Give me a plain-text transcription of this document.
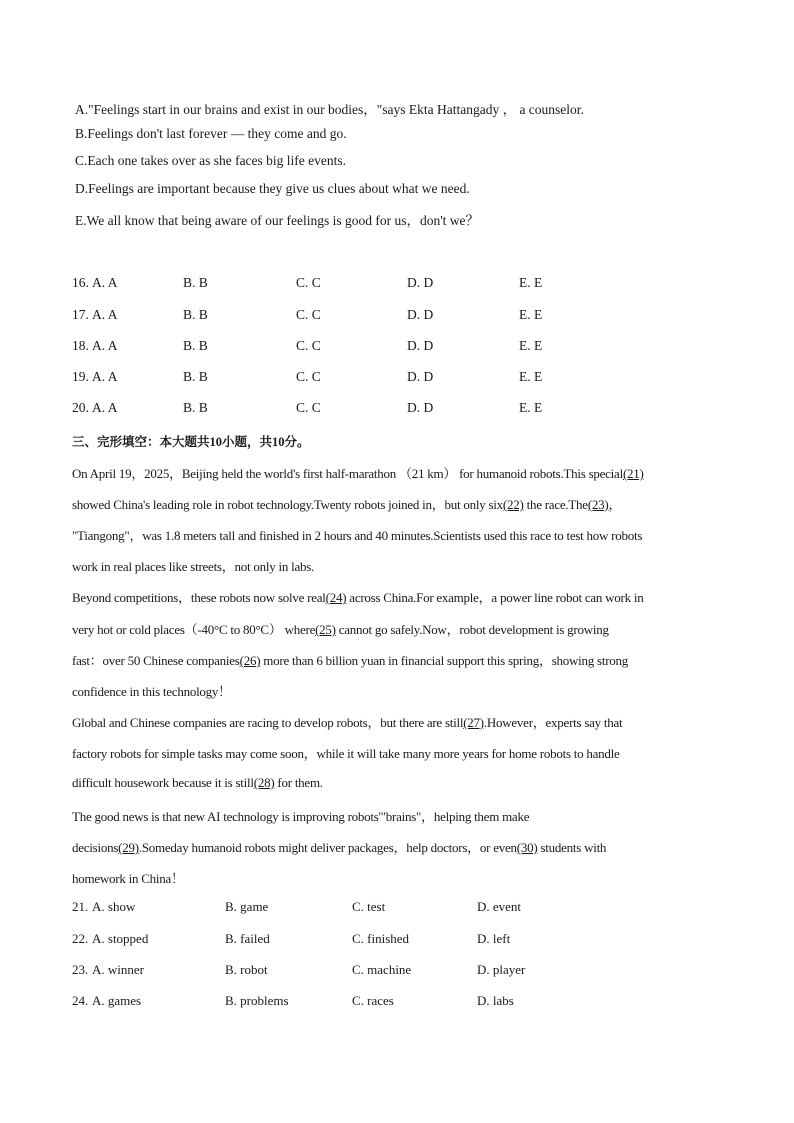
A."Feelings start in our brains and exist in our bodies，"says Ekta Hattangady ， a counselor.
B.Feelings don't last forever — they come and go.
C.Each one takes over as she faces big life events.
D.Feelings are important because they give us clues about what we need.
E.We all know that being aware of our feelings is good for us，don't we？
16. A. A	B. B	C. C	D. D	E. E
17. A. A	B. B	C. C	D. D	E. E
18. A. A	B. B	C. C	D. D	E. E
19. A. A	B. B	C. C	D. D	E. E
20. A. A	B. B	C. C	D. D	E. E
三、完形填空：本大题共10小题，共10分。
On April 19，2025，Beijing held the world's first half-marathon （21 km） for humanoid robots.This special(21)
showed China's leading role in robot technology.Twenty robots joined in，but only six(22) the race.The(23)，
"Tiangong"，was 1.8 meters tall and finished in 2 hours and 40 minutes.Scientists used this race to test how robots
work in real places like streets，not only in labs.
Beyond competitions，these robots now solve real(24) across China.For example，a power line robot can work in
very hot or cold places（-40°C to 80°C） where(25) cannot go safely.Now，robot development is growing
fast：over 50 Chinese companies(26) more than 6 billion yuan in financial support this spring，showing strong
confidence in this technology！
Global and Chinese companies are racing to develop robots，but there are still(27).However，experts say that
factory robots for simple tasks may come soon，while it will take many more years for home robots to handle
difficult housework because it is still(28) for them.
The good news is that new AI technology is improving robots'"brains"，helping them make
decisions(29).Someday humanoid robots might deliver packages，help doctors，or even(30) students with
homework in China！
21. A. show	B. game	C. test	D. event
22. A. stopped	B. failed	C. finished	D. left
23. A. winner	B. robot	C. machine	D. player
24. A. games	B. problems	C. races	D. labs
